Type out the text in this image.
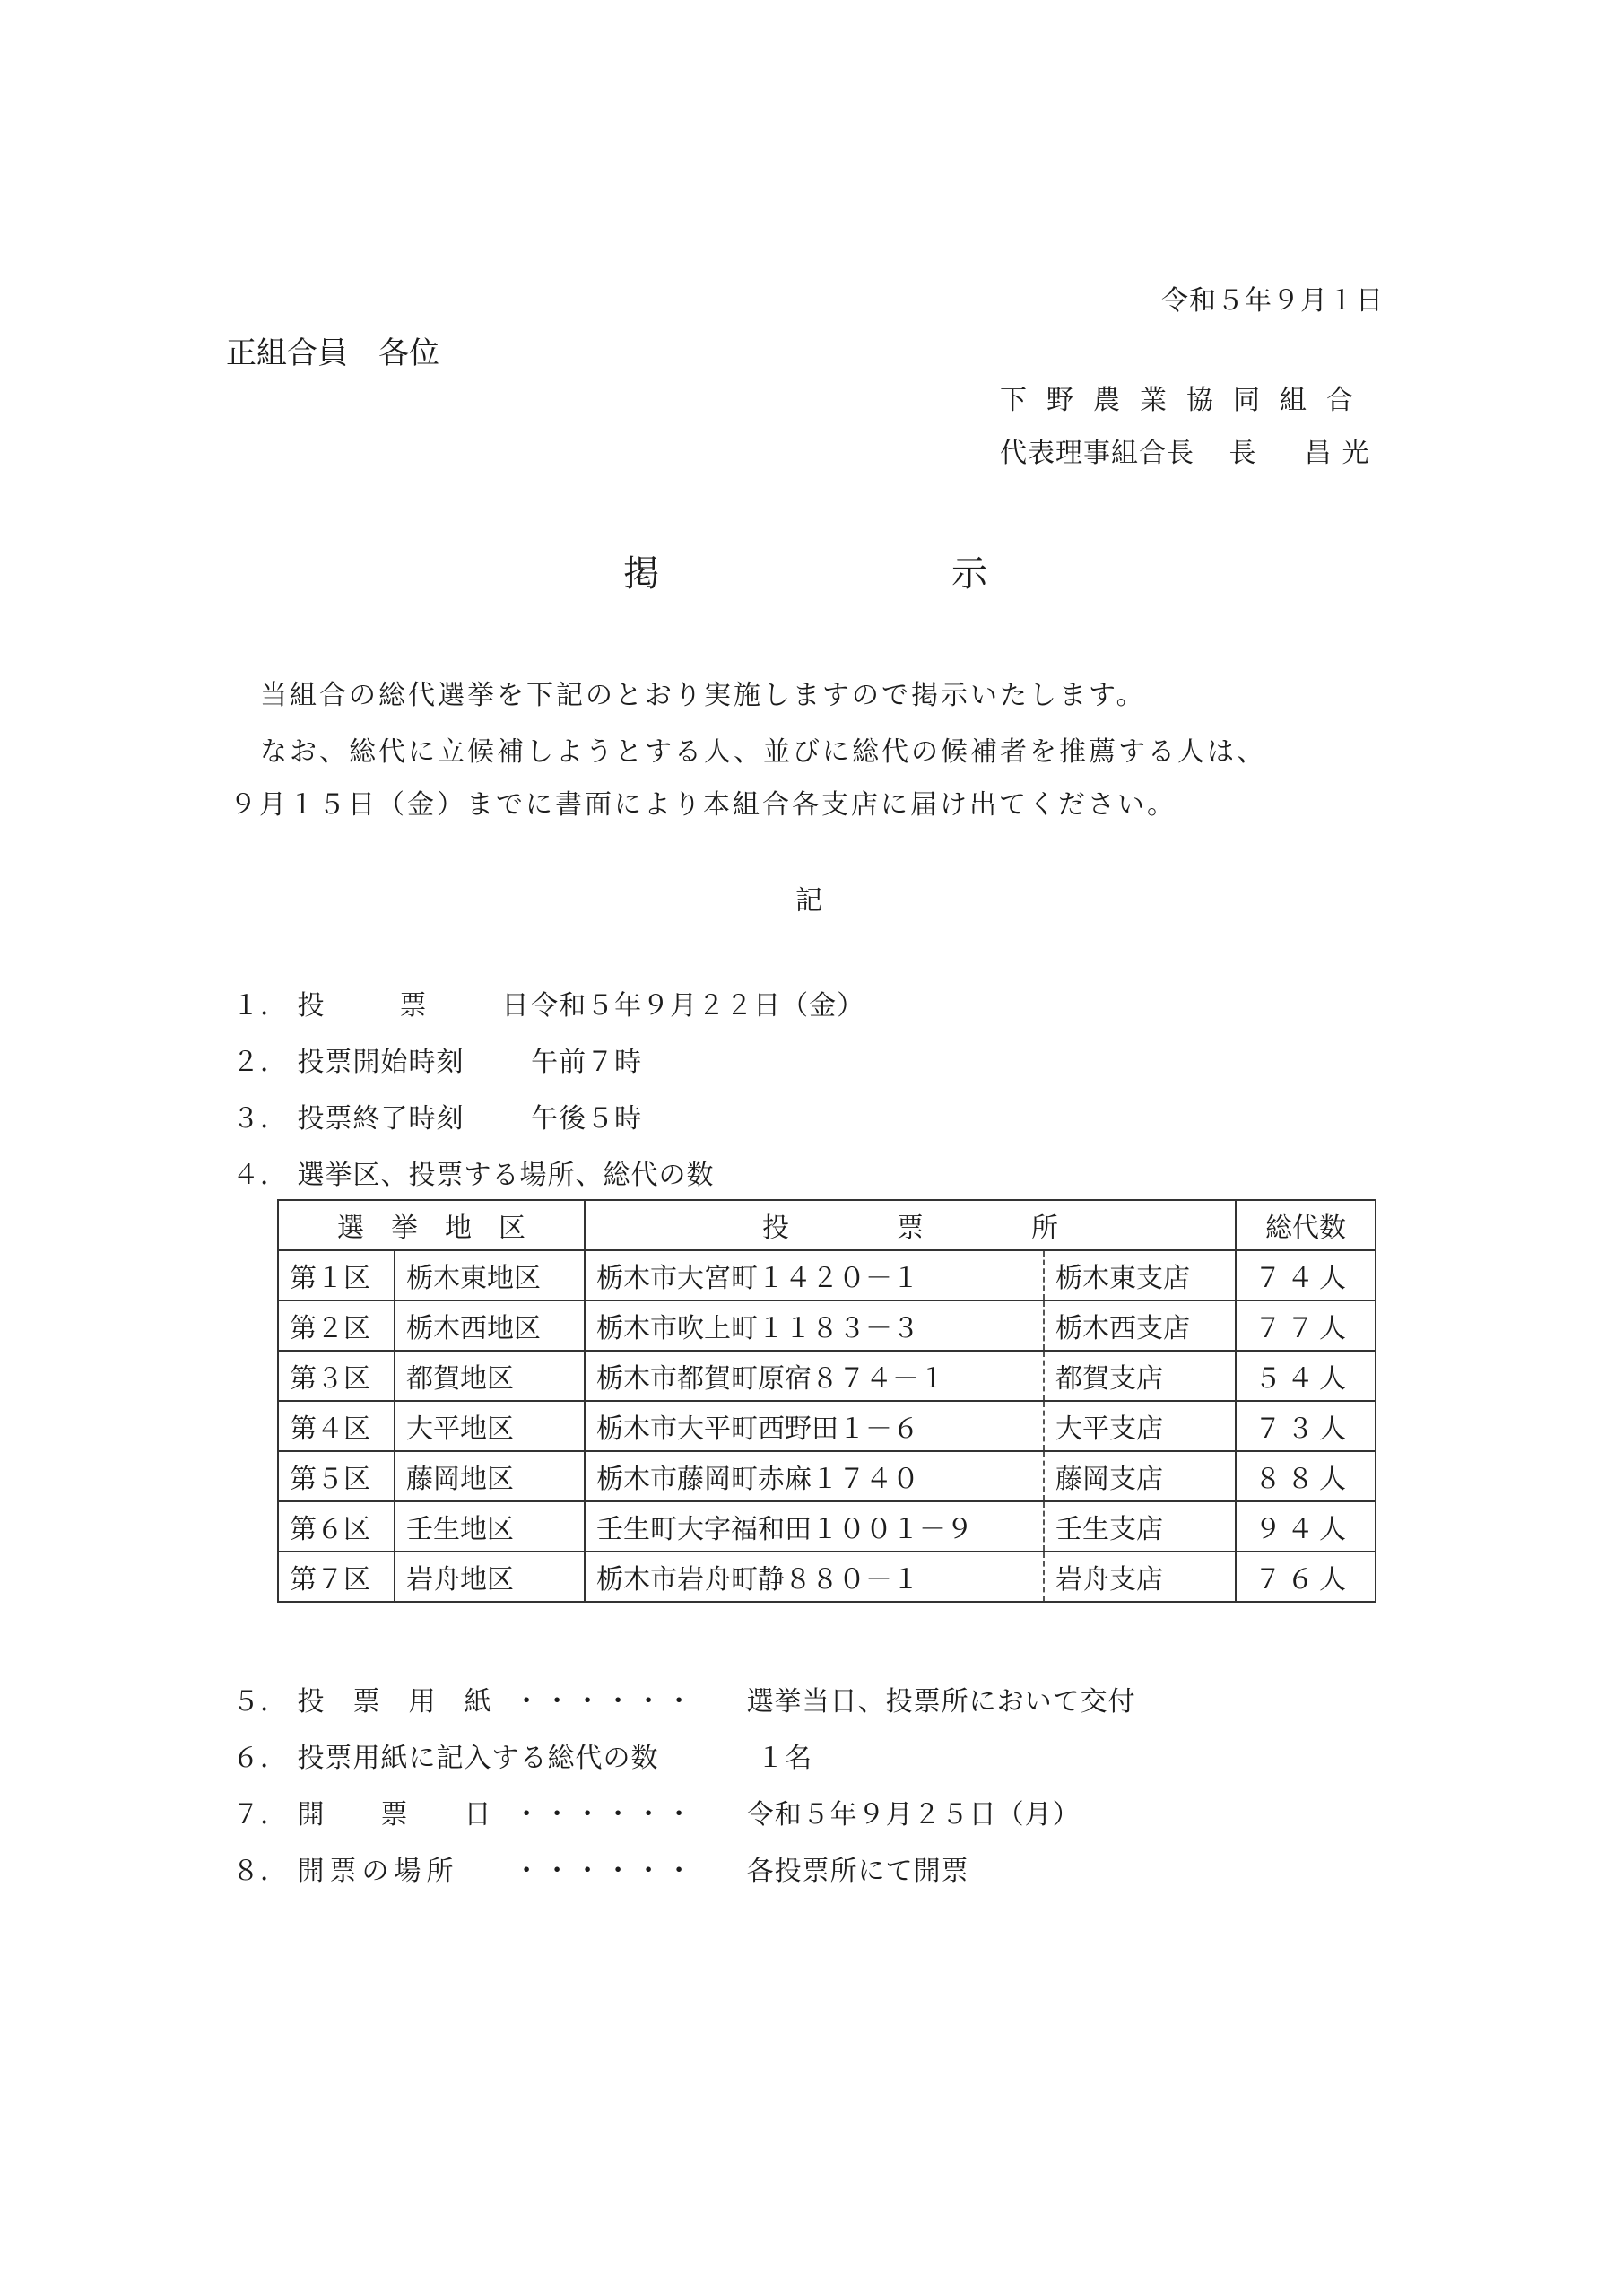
令和５年９月１日
正組合員　各位
下野農業協同組合
代表理事組合長 長　昌光
掲	示
当組合の総代選挙を下記のとおり実施しますので掲示いたします。
なお、総代に立候補しようとする人、並びに総代の候補者を推薦する人は、
９月１５日（金）までに書面により本組合各支店に届け出てください。
記
１． 投　　票　　日 令和５年９月２２日（金）
２． 投票開始時刻 午前７時
３． 投票終了時刻 午後５時
４． 選挙区、投票する場所、総代の数
選　挙　地　区		投　　　　票　　　　所		総代数
第１区	栃木東地区	栃木市大宮町１４２０－１	栃木東支店	７４人
第２区	栃木西地区	栃木市吹上町１１８３－３	栃木西支店	７７人
第３区	都賀地区	栃木市都賀町原宿８７４－１	都賀支店	５４人
第４区	大平地区	栃木市大平町西野田１－６	大平支店	７３人
第５区	藤岡地区	栃木市藤岡町赤麻１７４０	藤岡支店	８８人
第６区	壬生地区	壬生町大字福和田１００１－９	壬生支店	９４人
第７区	岩舟地区	栃木市岩舟町静８８０－１	岩舟支店	７６人
５． 投　票　用　紙 ・・・・・・ 選挙当日、投票所において交付
６． 投票用紙に記入する総代の数	１名
７． 開　　票　　日 ・・・・・・ 令和５年９月２５日（月）
８． 開票の場所 ・・・・・・ 各投票所にて開票
